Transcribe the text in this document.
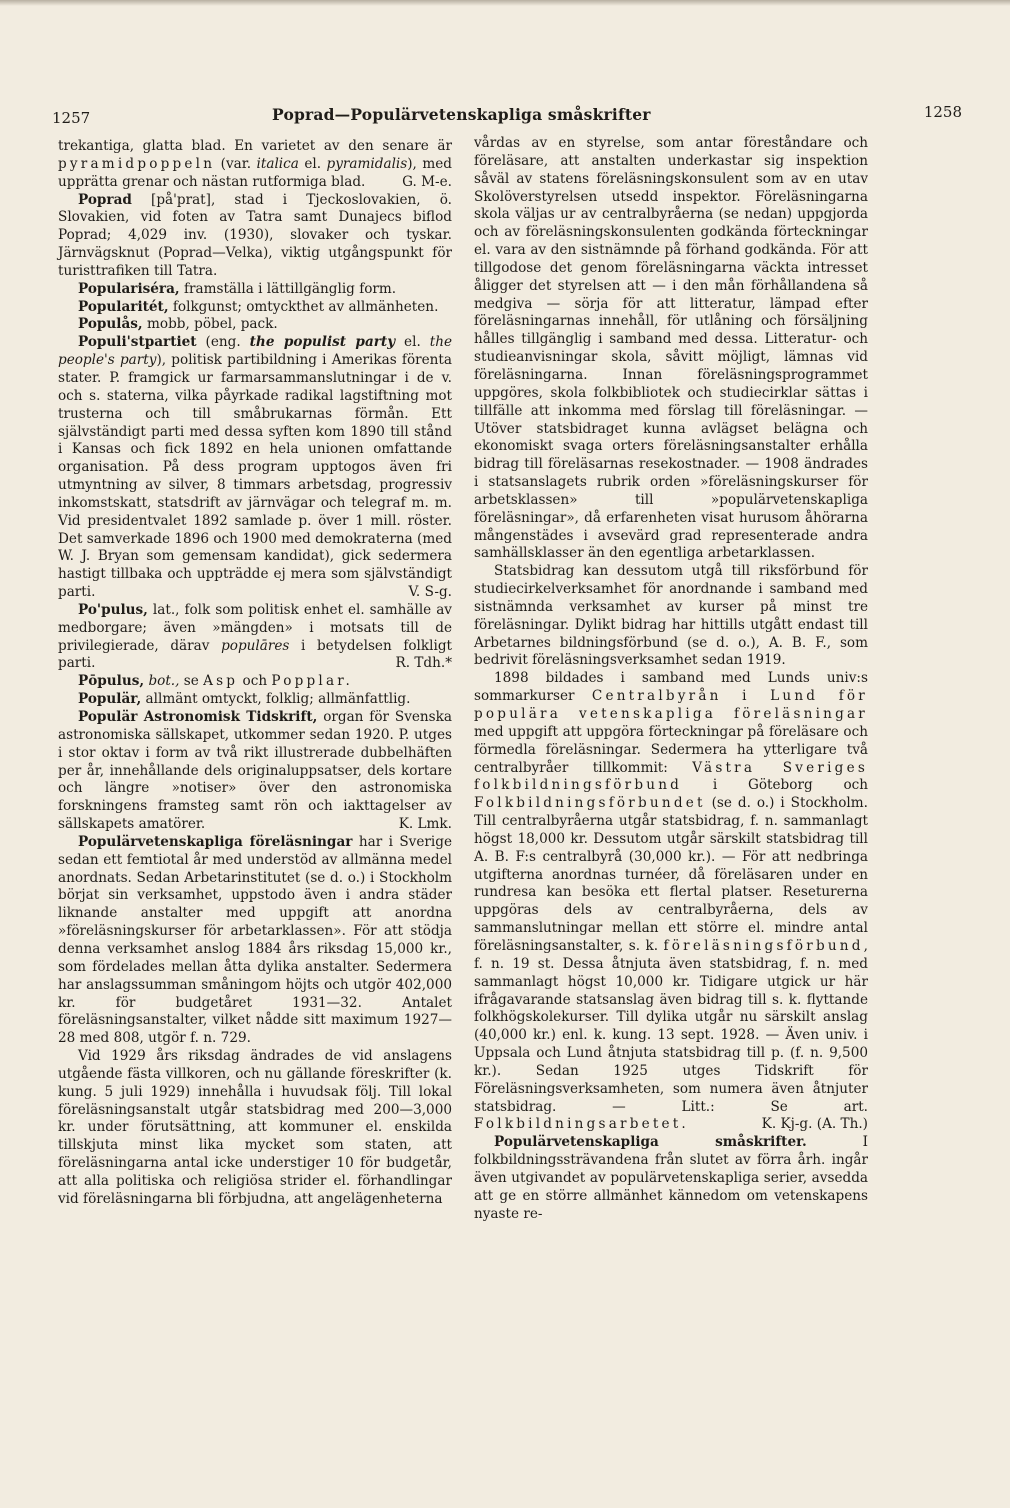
1257	Poprad—Populärvetenskapliga småskrifter	1258

trekantiga, glatta blad. En varietet av den senare är pyramidpoppeln (var. italica el. pyramidalis), med upprätta grenar och nästan rutformiga blad.	G. M-e.

Poprad [på'prat], stad i Tjeckoslovakien, ö. Slovakien, vid foten av Tatra samt Dunajecs biflod Poprad; 4,029 inv. (1930), slovaker och tyskar. Järnvägsknut (Poprad—Velka), viktig utgångspunkt för turisttrafiken till Tatra.

Populariséra, framställa i lättillgänglig form.

Popularitét, folkgunst; omtyckthet av allmänheten.

Populås, mobb, pöbel, pack.

Populi'stpartiet (eng. the populist party el. the people's party), politisk partibildning i Amerikas förenta stater. P. framgick ur farmarsammanslutningar i de v. och s. staterna, vilka påyrkade radikal lagstiftning mot trusterna och till småbrukarnas förmån. Ett självständigt parti med dessa syften kom 1890 till stånd i Kansas och fick 1892 en hela unionen omfattande organisation. På dess program upptogos även fri utmyntning av silver, 8 timmars arbetsdag, progressiv inkomstskatt, statsdrift av järnvägar och telegraf m. m. Vid presidentvalet 1892 samlade p. över 1 mill. röster. Det samverkade 1896 och 1900 med demokraterna (med W. J. Bryan som gemensam kandidat), gick sedermera hastigt tillbaka och uppträdde ej mera som självständigt parti.	V. S-g.

Po'pulus, lat., folk som politisk enhet el. samhälle av medborgare; även »mängden» i motsats till de privilegierade, därav populāres i betydelsen folkligt parti.	R. Tdh.*

Pōpulus, bot., se Asp och Popplar.

Populär, allmänt omtyckt, folklig; allmänfattlig.

Populär Astronomisk Tidskrift, organ för Svenska astronomiska sällskapet, utkommer sedan 1920. P. utges i stor oktav i form av två rikt illustrerade dubbelhäften per år, innehållande dels originaluppsatser, dels kortare och längre »notiser» över den astronomiska forskningens framsteg samt rön och iakttagelser av sällskapets amatörer.	K. Lmk.

Populärvetenskapliga föreläsningar har i Sverige sedan ett femtiotal år med understöd av allmänna medel anordnats. Sedan Arbetarinstitutet (se d. o.) i Stockholm börjat sin verksamhet, uppstodo även i andra städer liknande anstalter med uppgift att anordna »föreläsningskurser för arbetarklassen». För att stödja denna verksamhet anslog 1884 års riksdag 15,000 kr., som fördelades mellan åtta dylika anstalter. Sedermera har anslagssumman småningom höjts och utgör 402,000 kr. för budgetåret 1931—32. Antalet föreläsningsanstalter, vilket nådde sitt maximum 1927—28 med 808, utgör f. n. 729.

Vid 1929 års riksdag ändrades de vid anslagens utgående fästa villkoren, och nu gällande föreskrifter (k. kung. 5 juli 1929) innehålla i huvudsak följ. Till lokal föreläsningsanstalt utgår statsbidrag med 200—3,000 kr. under förutsättning, att kommuner el. enskilda tillskjuta minst lika mycket som staten, att föreläsningarna antal icke understiger 10 för budgetår, att alla politiska och religiösa strider el. förhandlingar vid föreläsningarna bli förbjudna, att angelägenheterna

vårdas av en styrelse, som antar föreståndare och föreläsare, att anstalten underkastar sig inspektion såväl av statens föreläsningskonsulent som av en utav Skolöverstyrelsen utsedd inspektor. Föreläsningarna skola väljas ur av centralbyråerna (se nedan) uppgjorda och av föreläsningskonsulenten godkända förteckningar el. vara av den sistnämnde på förhand godkända. För att tillgodose det genom föreläsningarna väckta intresset åligger det styrelsen att — i den mån förhållandena så medgiva — sörja för att litteratur, lämpad efter föreläsningarnas innehåll, för utlåning och försäljning hålles tillgänglig i samband med dessa. Litteratur- och studieanvisningar skola, såvitt möjligt, lämnas vid föreläsningarna. Innan föreläsningsprogrammet uppgöres, skola folkbibliotek och studiecirklar sättas i tillfälle att inkomma med förslag till föreläsningar. — Utöver statsbidraget kunna avlägset belägna och ekonomiskt svaga orters föreläsningsanstalter erhålla bidrag till föreläsarnas resekostnader. — 1908 ändrades i statsanslagets rubrik orden »föreläsningskurser för arbetsklassen» till »populärvetenskapliga föreläsningar», då erfarenheten visat hurusom åhörarna mångenstädes i avsevärd grad representerade andra samhällsklasser än den egentliga arbetarklassen.

Statsbidrag kan dessutom utgå till riksförbund för studiecirkelverksamhet för anordnande i samband med sistnämnda verksamhet av kurser på minst tre föreläsningar. Dylikt bidrag har hittills utgått endast till Arbetarnes bildningsförbund (se d. o.), A. B. F., som bedrivit föreläsningsverksamhet sedan 1919.

1898 bildades i samband med Lunds univ:s sommarkurser Centralbyrån i Lund för populära vetenskapliga föreläsningar med uppgift att uppgöra förteckningar på föreläsare och förmedla föreläsningar. Sedermera ha ytterligare två centralbyråer tillkommit: Västra Sveriges folkbildningsförbund i Göteborg och Folkbildningsförbundet (se d. o.) i Stockholm. Till centralbyråerna utgår statsbidrag, f. n. sammanlagt högst 18,000 kr. Dessutom utgår särskilt statsbidrag till A. B. F:s centralbyrå (30,000 kr.). — För att nedbringa utgifterna anordnas turnéer, då föreläsaren under en rundresa kan besöka ett flertal platser. Reseturerna uppgöras dels av centralbyråerna, dels av sammanslutningar mellan ett större el. mindre antal föreläsningsanstalter, s. k. föreläsningsförbund, f. n. 19 st. Dessa åtnjuta även statsbidrag, f. n. med sammanlagt högst 10,000 kr. Tidigare utgick ur här ifrågavarande statsanslag även bidrag till s. k. flyttande folkhögskolekurser. Till dylika utgår nu särskilt anslag (40,000 kr.) enl. k. kung. 13 sept. 1928. — Även univ. i Uppsala och Lund åtnjuta statsbidrag till p. (f. n. 9,500 kr.). Sedan 1925 utges Tidskrift för Föreläsningsverksamheten, som numera även åtnjuter statsbidrag. — Litt.: Se art. Folkbildningsarbetet.	K. Kj-g. (A. Th.)

Populärvetenskapliga småskrifter. I folkbildningssträvandena från slutet av förra årh. ingår även utgivandet av populärvetenskapliga serier, avsedda att ge en större allmänhet kännedom om vetenskapens nyaste re-
